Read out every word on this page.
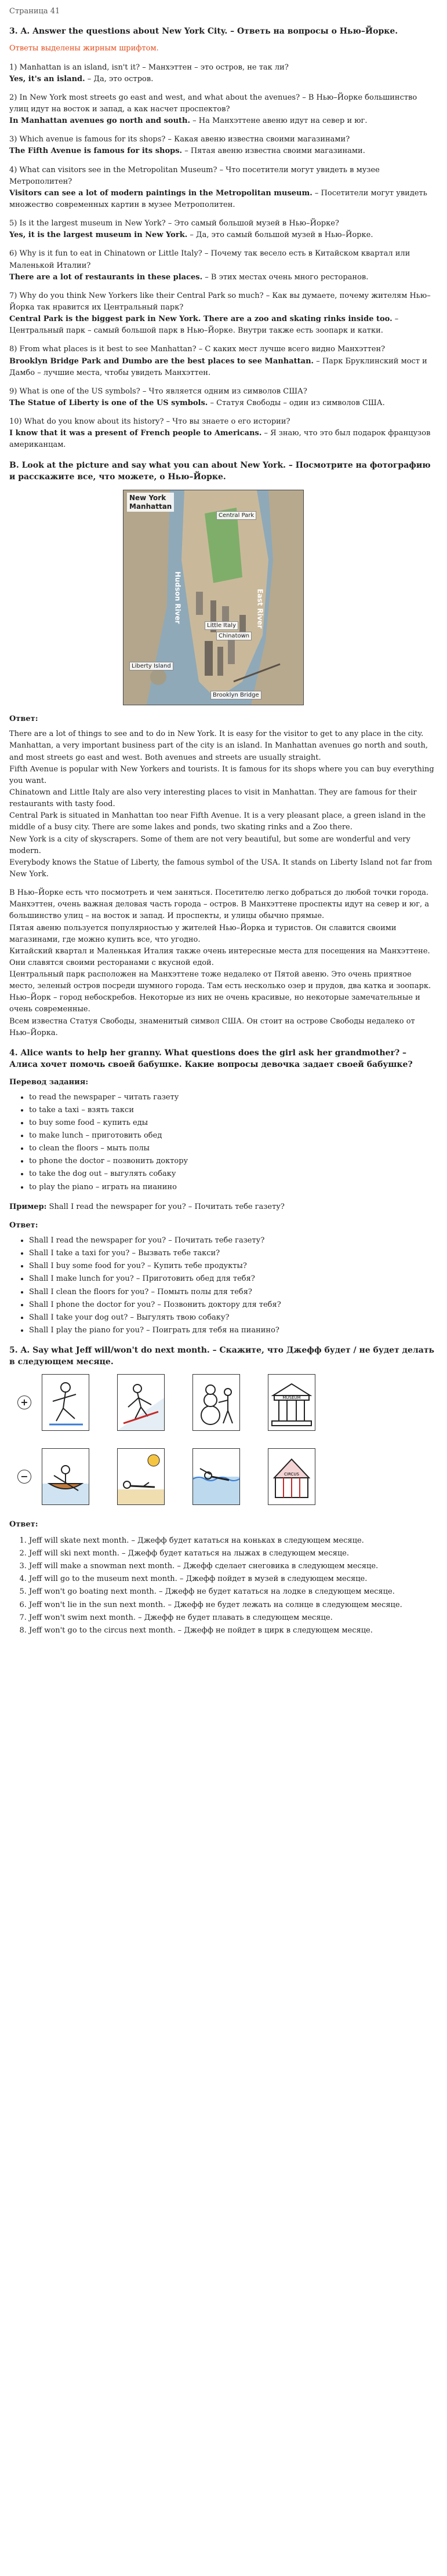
Страница 41
3. A. Answer the questions about New York City. – Ответь на вопросы о Нью–Йорке.
Ответы выделены жирным шрифтом.

1) Manhattan is an island, isn't it? – Манхэттен – это остров, не так ли?

Yes, it's an island. – Да, это остров.

2) In New York most streets go east and west, and what about the avenues? – В Нью–Йорке большинство улиц идут на восток и запад, а как насчет проспектов?

In Manhattan avenues go north and south. – На Манхэттене авеню идут на север и юг.

3) Which avenue is famous for its shops? – Какая авеню известна своими магазинами?

The Fifth Avenue is famous for its shops. – Пятая авеню известна своими магазинами.

4) What can visitors see in the Metropolitan Museum? – Что посетители могут увидеть в музее Метрополитен?

Visitors can see a lot of modern paintings in the Metropolitan museum. – Посетители могут увидеть множество современных картин в музее Метрополитен.

5) Is it the largest museum in New York? – Это самый большой музей в Нью–Йорке?

Yes, it is the largest museum in New York. – Да, это самый большой музей в Нью–Йорке.

6) Why is it fun to eat in Chinatown or Little Italy? – Почему так весело есть в Китайском квартал или Маленькой Италии?

There are a lot of restaurants in these places. – В этих местах очень много ресторанов.

7) Why do you think New Yorkers like their Central Park so much? – Как вы думаете, почему жителям Нью–Йорка так нравится их Центральный парк?

Central Park is the biggest park in New York. There are a zoo and skating rinks inside too. – Центральный парк – самый большой парк в Нью–Йорке. Внутри также есть зоопарк и катки.

8) From what places is it best to see Manhattan? – С каких мест лучше всего видно Манхэттен?

Brooklyn Bridge Park and Dumbo are the best places to see Manhattan. – Парк Бруклинский мост и Дамбо – лучшие места, чтобы увидеть Манхэттен.

9) What is one of the US symbols? – Что является одним из символов США?

The Statue of Liberty is one of the US symbols. – Статуя Свободы – один из символов США.

10) What do you know about its history? – Что вы знаете о его истории?

I know that it was a present of French people to Americans. – Я знаю, что это был подарок французов американцам.

B. Look at the picture and say what you can about New York. – Посмотрите на фотографию и расскажите все, что можете, о Нью–Йорке.
New York
Manhattan
Central Park
Hudson River	East River
Little Italy
Chinatown
Liberty Island
Brooklyn Bridge
Ответ:
There are a lot of things to see and to do in New York. It is easy for the visitor to get to any place in the city. Manhattan, a very important business part of the city is an island. In Manhattan avenues go north and south, and most streets go east and west. Both avenues and streets are usually straight.
Fifth Avenue is popular with New Yorkers and tourists. It is famous for its shops where you can buy everything you want.
Chinatown and Little Italy are also very interesting places to visit in Manhattan. They are famous for their restaurants with tasty food.
Central Park is situated in Manhattan too near Fifth Avenue. It is a very pleasant place, a green island in the middle of a busy city. There are some lakes and ponds, two skating rinks and a Zoo there.
New York is a city of skyscrapers. Some of them are not very beautiful, but some are wonderful and very modern.
Everybody knows the Statue of Liberty, the famous symbol of the USA. It stands on Liberty Island not far from New York.
В Нью–Йорке есть что посмотреть и чем заняться. Посетителю легко добраться до любой точки города. Манхэттен, очень важная деловая часть города – остров. В Манхэттене проспекты идут на север и юг, а большинство улиц – на восток и запад. И проспекты, и улицы обычно прямые.
Пятая авеню пользуется популярностью у жителей Нью–Йорка и туристов. Он славится своими магазинами, где можно купить все, что угодно.
Китайский квартал и Маленькая Италия также очень интересные места для посещения на Манхэттене. Они славятся своими ресторанами с вкусной едой.
Центральный парк расположен на Манхэттене тоже недалеко от Пятой авеню. Это очень приятное место, зеленый остров посреди шумного города. Там есть несколько озер и прудов, два катка и зоопарк.
Нью–Йорк – город небоскребов. Некоторые из них не очень красивые, но некоторые замечательные и очень современные.
Всем известна Статуя Свободы, знаменитый символ США. Он стоит на острове Свободы недалеко от Нью–Йорка.
4. Alice wants to help her granny. What questions does the girl ask her grandmother? – Алиса хочет помочь своей бабушке. Какие вопросы девочка задает своей бабушке?
Перевод задания:
• to read the newspaper – читать газету
• to take a taxi – взять такси
• to buy some food – купить еды
• to make lunch – приготовить обед
• to clean the floors – мыть полы
• to phone the doctor – позвонить доктору
• to take the dog out – выгулять собаку
• to play the piano – играть на пианино
Пример: Shall I read the newspaper for you? – Почитать тебе газету?
Ответ:
• Shall I read the newspaper for you? – Почитать тебе газету?
• Shall I take a taxi for you? – Вызвать тебе такси?
• Shall I buy some food for you? – Купить тебе продукты?
• Shall I make lunch for you? – Приготовить обед для тебя?
• Shall I clean the floors for you? – Помыть полы для тебя?
• Shall I phone the doctor for you? – Позвонить доктору для тебя?
• Shall I take your dog out? – Выгулять твою собаку?
• Shall I play the piano for you? – Поиграть для тебя на пианино?
5. A. Say what Jeff will/won't do next month. – Скажите, что Джефф будет / не будет делать в следующем месяце.
+
−
MUSEUM
CIRCUS
Ответ:
1. Jeff will skate next month. – Джефф будет кататься на коньках в следующем месяце.
2. Jeff will ski next month. – Джефф будет кататься на лыжах в следующем месяце.
3. Jeff will make a snowman next month. – Джефф сделает снеговика в следующем месяце.
4. Jeff will go to the museum next month. – Джефф пойдет в музей в следующем месяце.
5. Jeff won't go boating next month. – Джефф не будет кататься на лодке в следующем месяце.
6. Jeff won't lie in the sun next month. – Джефф не будет лежать на солнце в следующем месяце.
7. Jeff won't swim next month. – Джефф не будет плавать в следующем месяце.
8. Jeff won't go to the circus next month. – Джефф не пойдет в цирк в следующем месяце.
